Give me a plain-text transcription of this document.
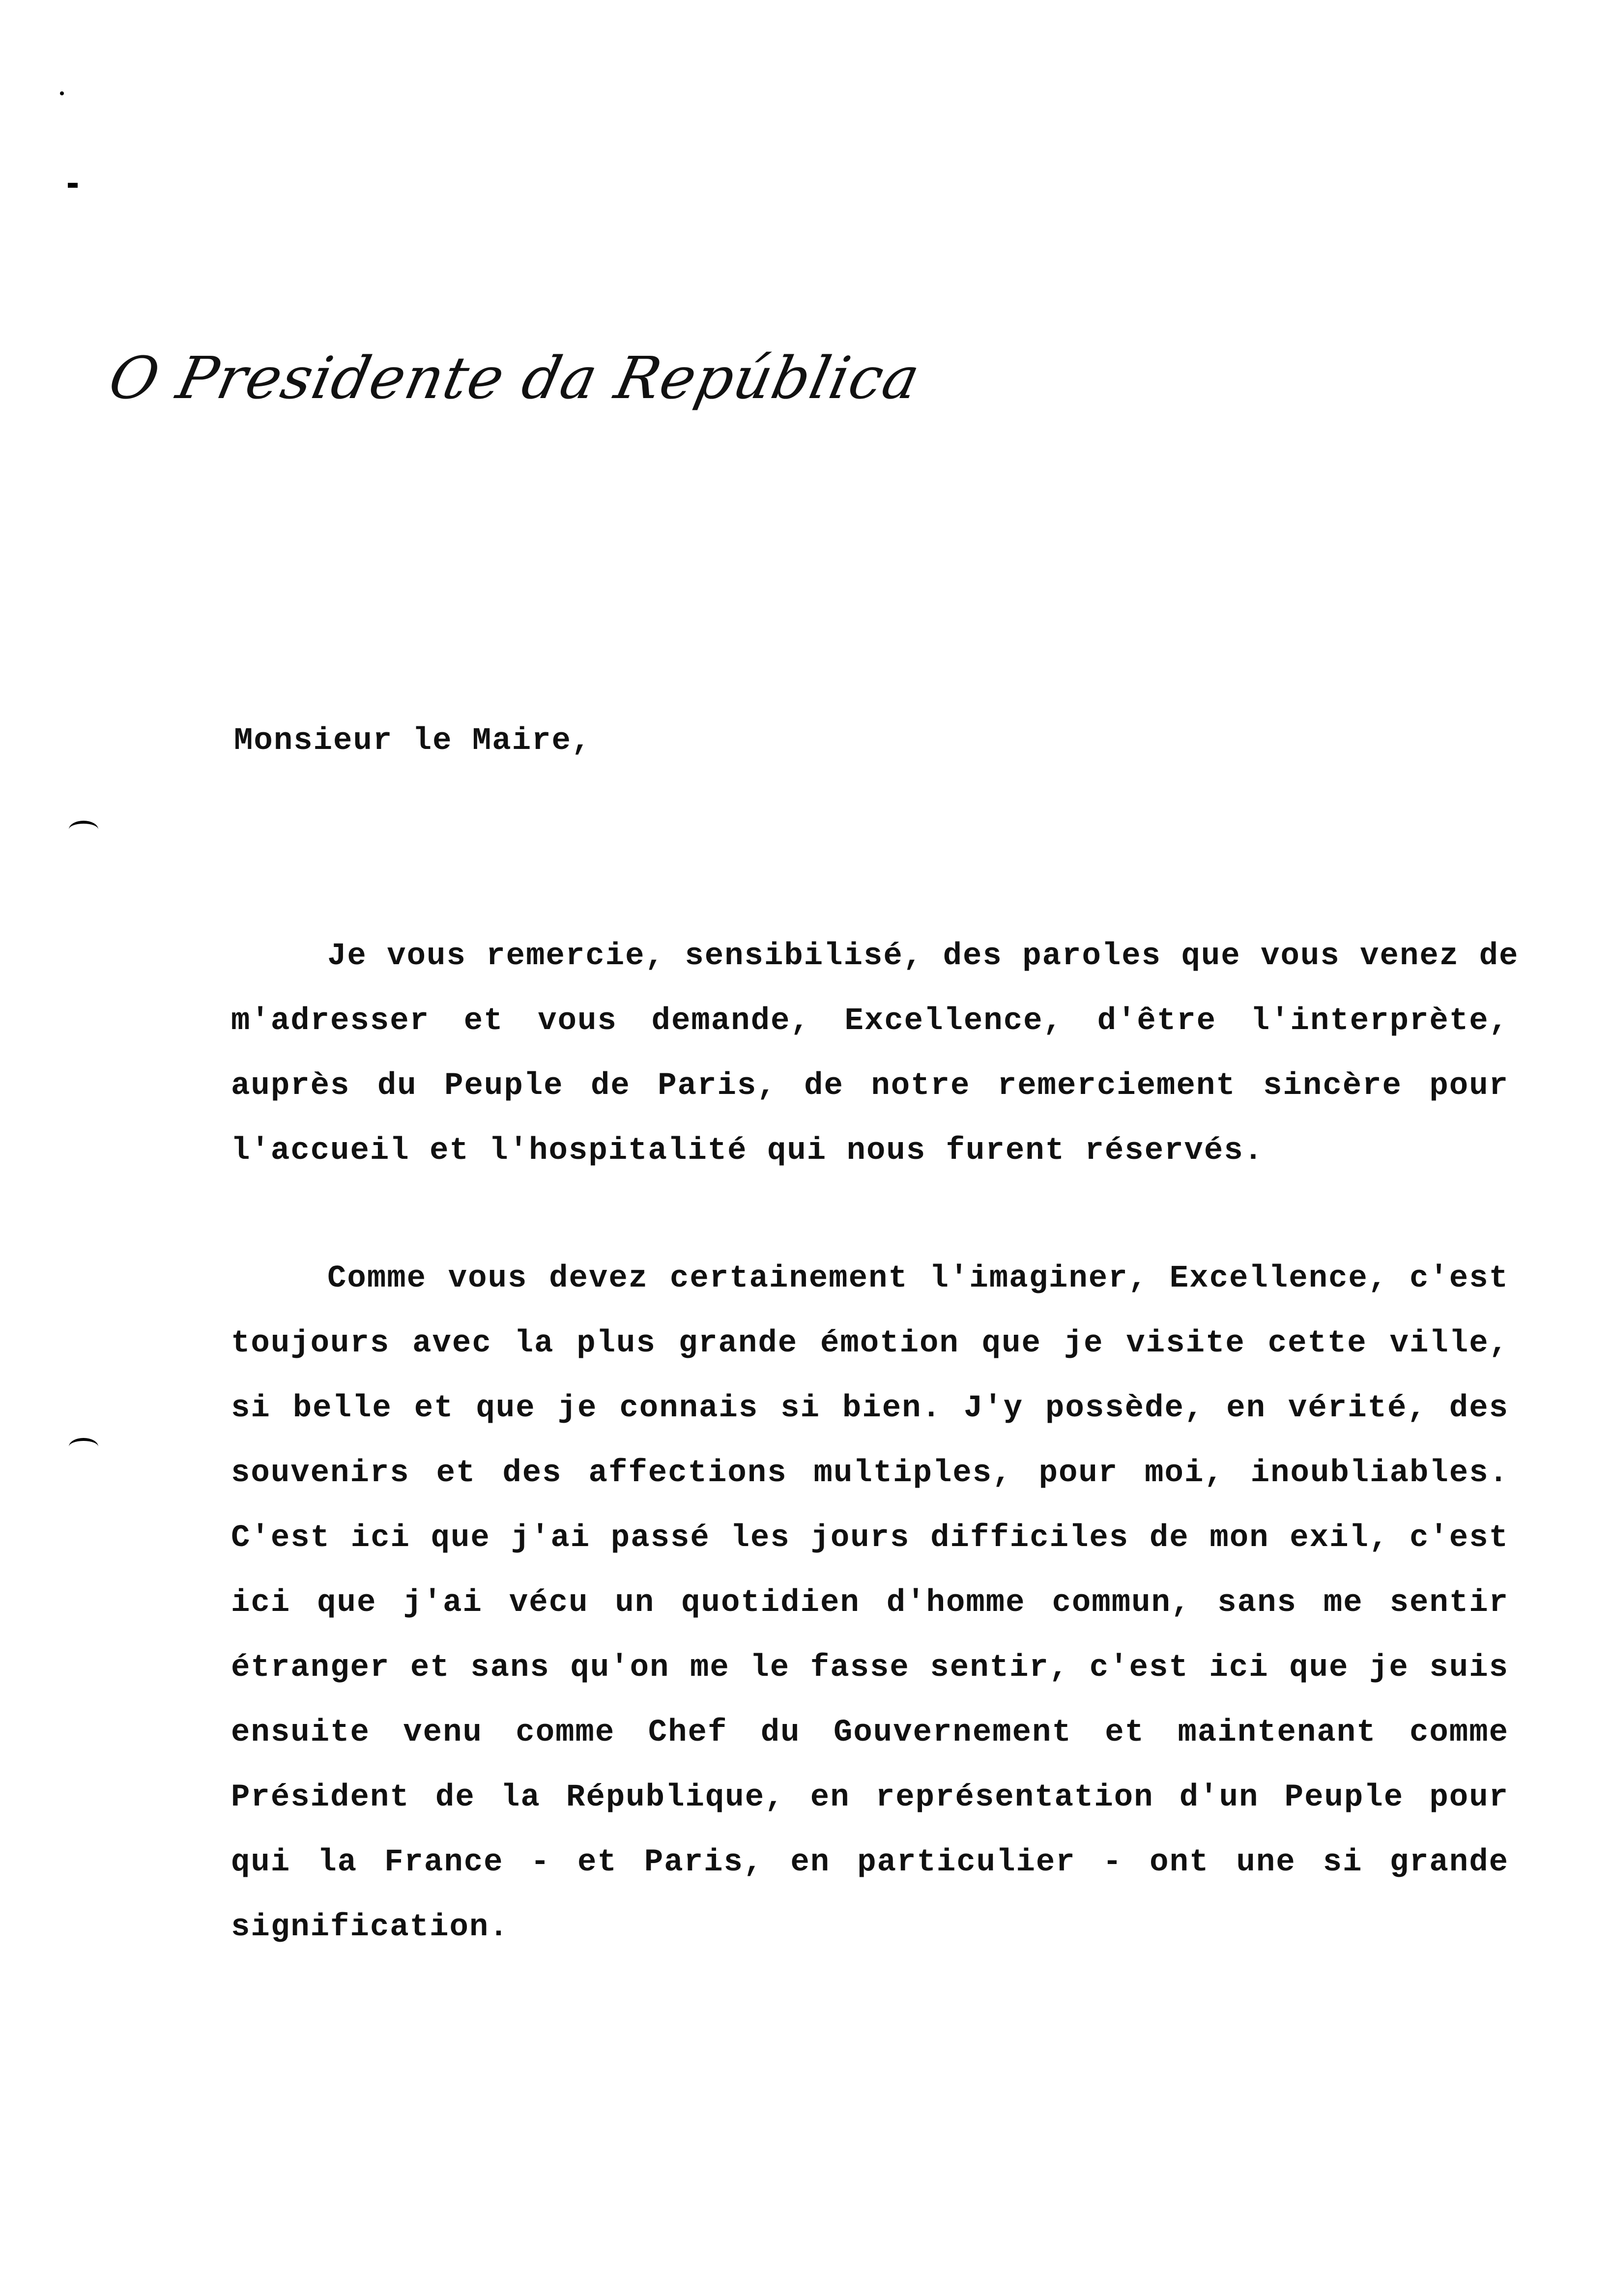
O Presidente da República
Monsieur le Maire,
Je vous remercie, sensibilisé, des paroles que vous venez de
m'adresser et vous demande, Excellence, d'être l'interprète,
auprès du Peuple de Paris, de notre remerciement sincère pour
l'accueil et l'hospitalité qui nous furent réservés.
Comme vous devez certainement l'imaginer, Excellence, c'est
toujours avec la plus grande émotion que je visite cette ville,
si belle et que je connais si bien. J'y possède, en vérité, des
souvenirs et des affections multiples, pour moi, inoubliables.
C'est ici que j'ai passé les jours difficiles de mon exil, c'est
ici que j'ai vécu un quotidien d'homme commun, sans me sentir
étranger et sans qu'on me le fasse sentir, c'est ici que je suis
ensuite venu comme Chef du Gouvernement et maintenant comme
Président de la République, en représentation d'un Peuple pour
qui la France - et Paris, en particulier - ont une si grande
signification.
